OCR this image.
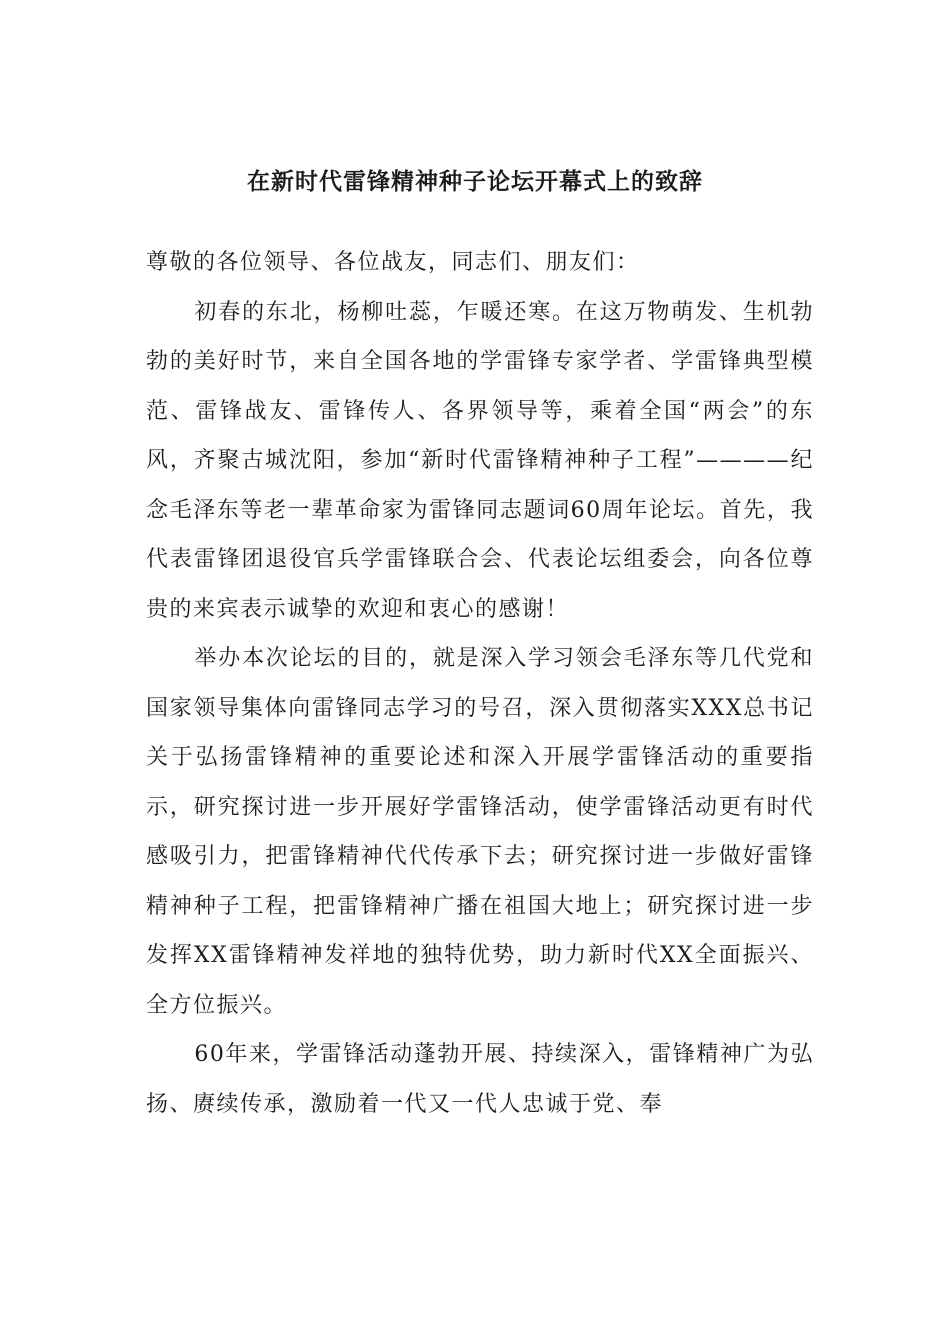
在新时代雷锋精神种子论坛开幕式上的致辞

尊敬的各位领导、各位战友，同志们、朋友们：

初春的东北，杨柳吐蕊，乍暖还寒。在这万物萌发、生机勃勃的美好时节，来自全国各地的学雷锋专家学者、学雷锋典型模范、雷锋战友、雷锋传人、各界领导等，乘着全国“两会”的东风，齐聚古城沈阳，参加“新时代雷锋精神种子工程”————纪念毛泽东等老一辈革命家为雷锋同志题词60周年论坛。首先，我代表雷锋团退役官兵学雷锋联合会、代表论坛组委会，向各位尊贵的来宾表示诚挚的欢迎和衷心的感谢！

举办本次论坛的目的，就是深入学习领会毛泽东等几代党和国家领导集体向雷锋同志学习的号召，深入贯彻落实XXX总书记关于弘扬雷锋精神的重要论述和深入开展学雷锋活动的重要指示，研究探讨进一步开展好学雷锋活动，使学雷锋活动更有时代感吸引力，把雷锋精神代代传承下去；研究探讨进一步做好雷锋精神种子工程，把雷锋精神广播在祖国大地上；研究探讨进一步发挥XX雷锋精神发祥地的独特优势，助力新时代XX全面振兴、全方位振兴。

60年来，学雷锋活动蓬勃开展、持续深入，雷锋精神广为弘扬、赓续传承，激励着一代又一代人忠诚于党、奉
